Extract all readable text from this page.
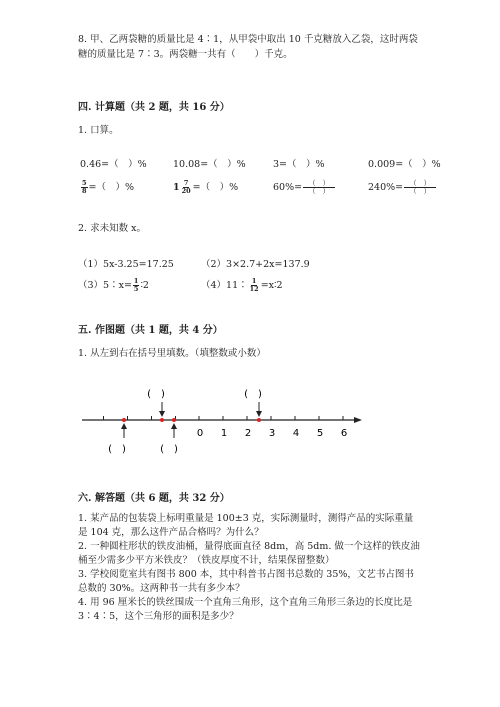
8. 甲、乙两袋糖的质量比是 4∶1，从甲袋中取出 10 千克糖放入乙袋，这时两袋
糖的质量比是 7∶3。两袋糖一共有（　　）千克。
四. 计算题（共 2 题，共 16 分）
1. 口算。
0.46=（　）%	10.08=（　）%	3=（　）%	0.009=（　）%
$\frac{5}{8}$ =（　）%	$1 \frac{7}{20}$ =（　）%	$60\%= \frac{( )}{( )}$	$240\%= \frac{( )}{( )}$
2. 求未知数 x。
（1）5x-3.25=17.25	（2）3×2.7+2x=137.9
（3）5∶x= $\frac{1}{5}$ ∶2	（4）11∶ $\frac{1}{12}$ =x∶2
五. 作图题（共 1 题，共 4 分）
1. 从左到右在括号里填数。（填整数或小数）
0 1 2 3 4 5 6
(　)	(　)
(　)	(　)
六. 解答题（共 6 题，共 32 分）
1. 某产品的包装袋上标明重量是 100±3 克，实际测量时，测得产品的实际重量
是 104 克，那么这件产品合格吗？为什么？
2. 一种圆柱形状的铁皮油桶，量得底面直径 8dm，高 5dm. 做一个这样的铁皮油
桶至少需多少平方米铁皮？（铁皮厚度不计，结果保留整数）
3. 学校阅览室共有图书 800 本，其中科普书占图书总数的 35%，文艺书占图书
总数的 30%。这两种书一共有多少本？
4. 用 96 厘米长的铁丝围成一个直角三角形，这个直角三角形三条边的长度比是
3∶4∶5，这个三角形的面积是多少？
